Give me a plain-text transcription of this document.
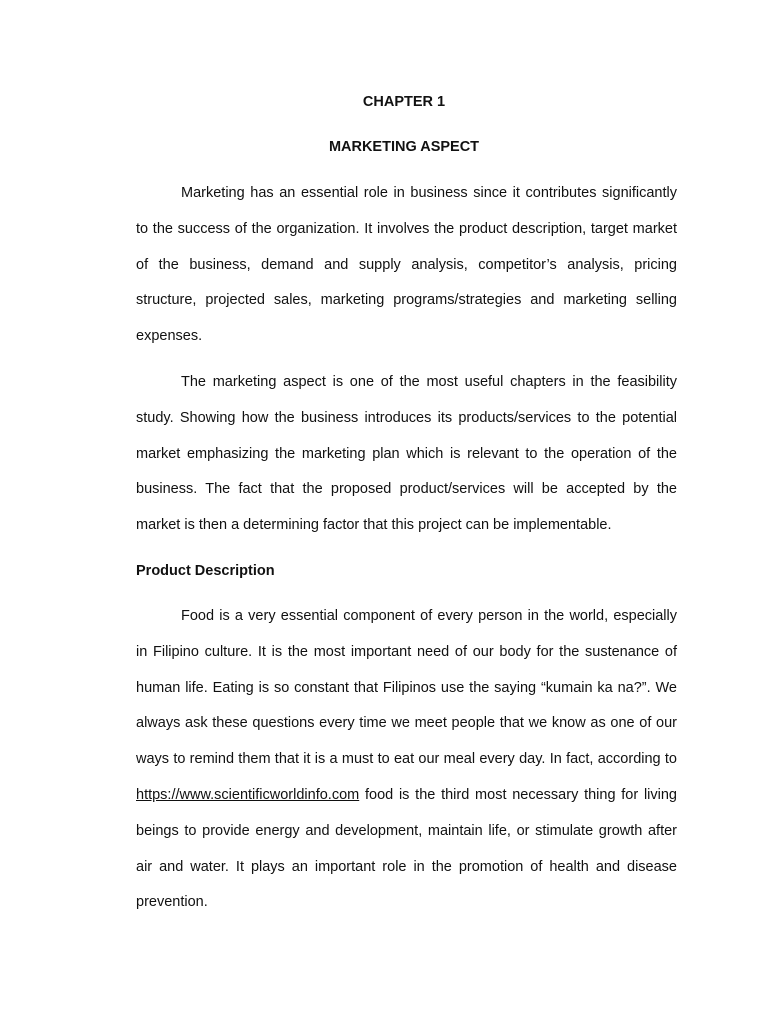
CHAPTER 1

MARKETING ASPECT

Marketing has an essential role in business since it contributes significantly to the success of the organization. It involves the product description, target market of the business, demand and supply analysis, competitor’s analysis, pricing structure, projected sales, marketing programs/strategies and marketing selling expenses.

The marketing aspect is one of the most useful chapters in the feasibility study. Showing how the business introduces its products/services to the potential market emphasizing the marketing plan which is relevant to the operation of the business. The fact that the proposed product/services will be accepted by the market is then a determining factor that this project can be implementable.

Product Description

Food is a very essential component of every person in the world, especially in Filipino culture. It is the most important need of our body for the sustenance of human life. Eating is so constant that Filipinos use the saying “kumain ka na?”. We always ask these questions every time we meet people that we know as one of our ways to remind them that it is a must to eat our meal every day. In fact, according to https://www.scientificworldinfo.com food is the third most necessary thing for living beings to provide energy and development, maintain life, or stimulate growth after air and water. It plays an important role in the promotion of health and disease prevention.
